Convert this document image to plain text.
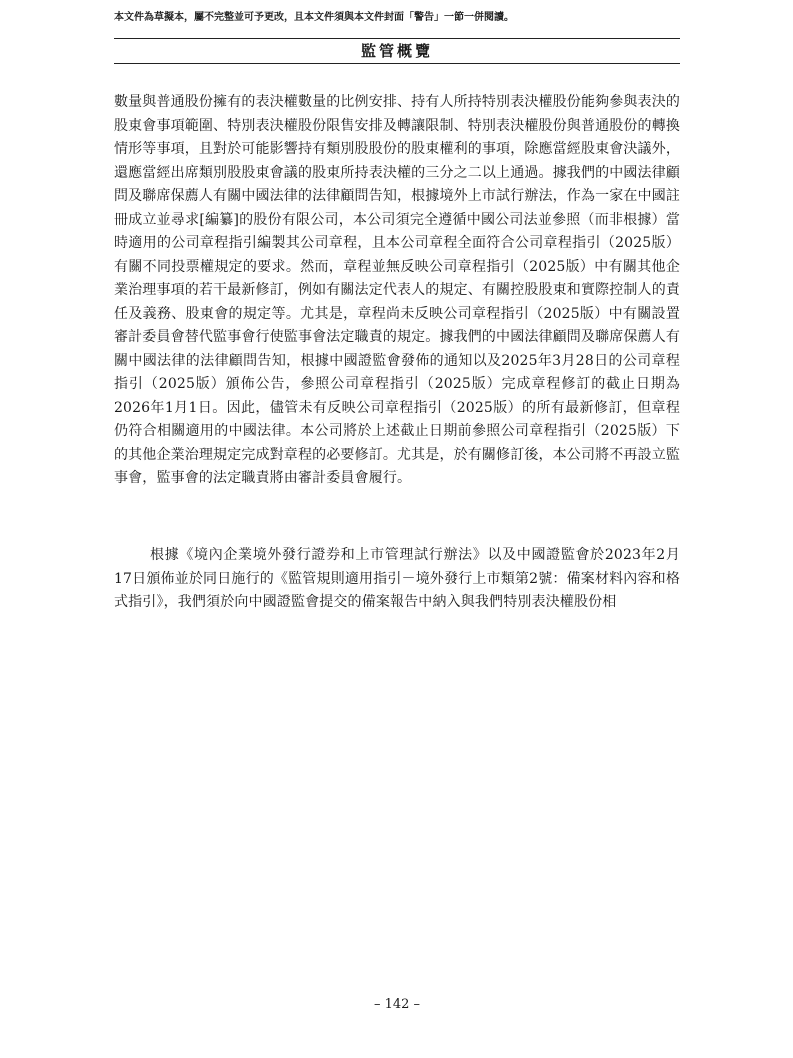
本文件為草擬本，屬不完整並可予更改，且本文件須與本文件封面「警告」一節一併閱讀。
監管概覽

數量與普通股份擁有的表決權數量的比例安排、持有人所持特別表決權股份能夠參與表決的股東會事項範圍、特別表決權股份限售安排及轉讓限制、特別表決權股份與普通股份的轉換情形等事項，且對於可能影響持有類別股股份的股東權利的事項，除應當經股東會決議外，還應當經出席類別股股東會議的股東所持表決權的三分之二以上通過。據我們的中國法律顧問及聯席保薦人有關中國法律的法律顧問告知，根據境外上市試行辦法，作為一家在中國註冊成立並尋求[編纂]的股份有限公司，本公司須完全遵循中國公司法並參照（而非根據）當時適用的公司章程指引編製其公司章程，且本公司章程全面符合公司章程指引（2025版）有關不同投票權規定的要求。然而，章程並無反映公司章程指引（2025版）中有關其他企業治理事項的若干最新修訂，例如有關法定代表人的規定、有關控股股東和實際控制人的責任及義務、股東會的規定等。尤其是，章程尚未反映公司章程指引（2025版）中有關設置審計委員會替代監事會行使監事會法定職責的規定。據我們的中國法律顧問及聯席保薦人有關中國法律的法律顧問告知，根據中國證監會發佈的通知以及2025年3月28日的公司章程指引（2025版）頒佈公告，參照公司章程指引（2025版）完成章程修訂的截止日期為2026年1月1日。因此，儘管未有反映公司章程指引（2025版）的所有最新修訂，但章程仍符合相關適用的中國法律。本公司將於上述截止日期前參照公司章程指引（2025版）下的其他企業治理規定完成對章程的必要修訂。尤其是，於有關修訂後，本公司將不再設立監事會，監事會的法定職責將由審計委員會履行。

根據《境內企業境外發行證券和上市管理試行辦法》以及中國證監會於2023年2月17日頒佈並於同日施行的《監管規則適用指引－境外發行上市類第2號：備案材料內容和格式指引》，我們須於向中國證監會提交的備案報告中納入與我們特別表決權股份相

– 142 –
